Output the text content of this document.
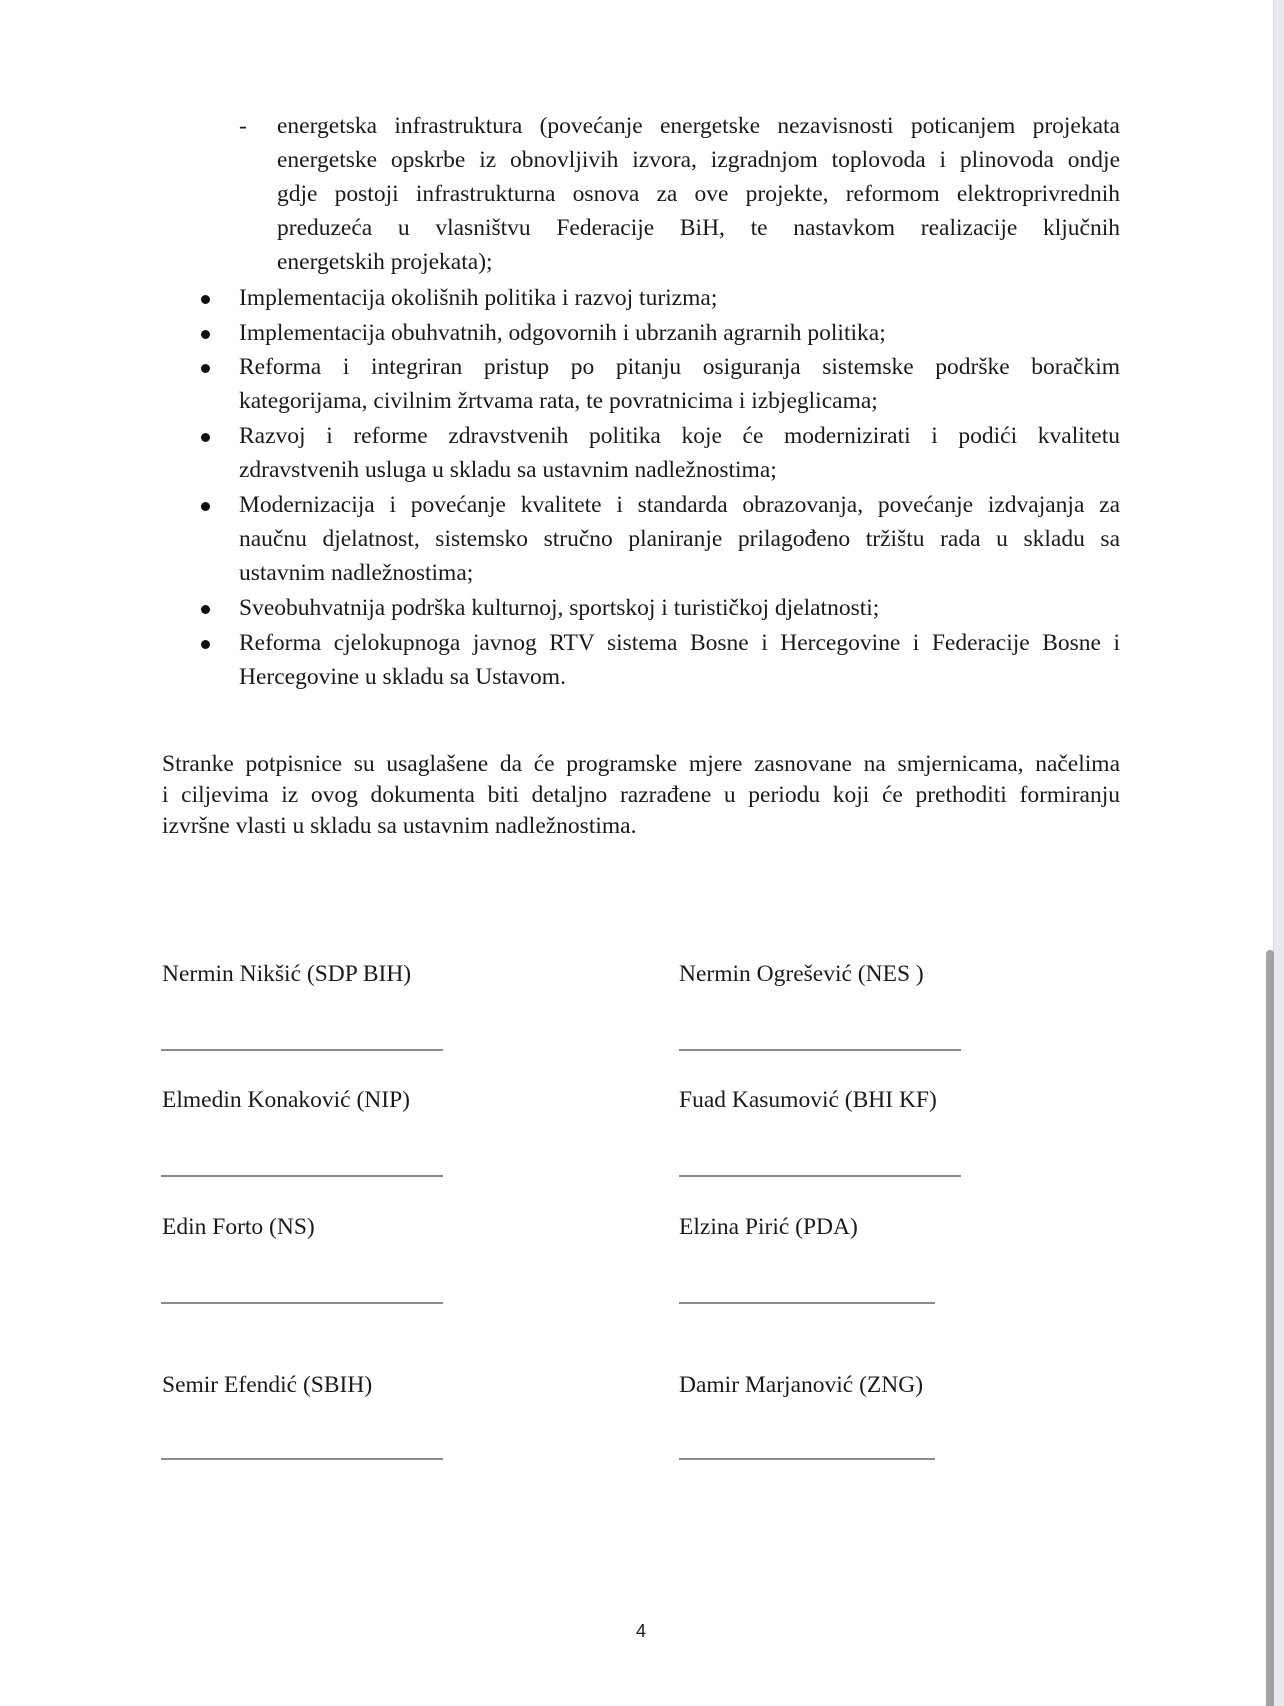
- energetska infrastruktura (povećanje energetske nezavisnosti poticanjem projekata
energetske opskrbe iz obnovljivih izvora, izgradnjom toplovoda i plinovoda ondje
gdje postoji infrastrukturna osnova za ove projekte, reformom elektroprivrednih
preduzeća u vlasništvu Federacije BiH, te nastavkom realizacije ključnih
energetskih projekata);
Implementacija okolišnih politika i razvoj turizma;
Implementacija obuhvatnih, odgovornih i ubrzanih agrarnih politika;
Reforma i integriran pristup po pitanju osiguranja sistemske podrške boračkim
kategorijama, civilnim žrtvama rata, te povratnicima i izbjeglicama;
Razvoj i reforme zdravstvenih politika koje će modernizirati i podići kvalitetu
zdravstvenih usluga u skladu sa ustavnim nadležnostima;
Modernizacija i povećanje kvalitete i standarda obrazovanja, povećanje izdvajanja za
naučnu djelatnost, sistemsko stručno planiranje prilagođeno tržištu rada u skladu sa
ustavnim nadležnostima;
Sveobuhvatnija podrška kulturnoj, sportskoj i turističkoj djelatnosti;
Reforma cjelokupnoga javnog RTV sistema Bosne i Hercegovine i Federacije Bosne i
Hercegovine u skladu sa Ustavom.
Stranke potpisnice su usaglašene da će programske mjere zasnovane na smjernicama, načelima
i ciljevima iz ovog dokumenta biti detaljno razrađene u periodu koji će prethoditi formiranju
izvršne vlasti u skladu sa ustavnim nadležnostima.
Nermin Nikšić (SDP BIH)	Nermin Ogrešević (NES )
Elmedin Konaković (NIP)	Fuad Kasumović (BHI KF)
Edin Forto (NS)	Elzina Pirić (PDA)
Semir Efendić (SBIH)	Damir Marjanović (ZNG)
4
